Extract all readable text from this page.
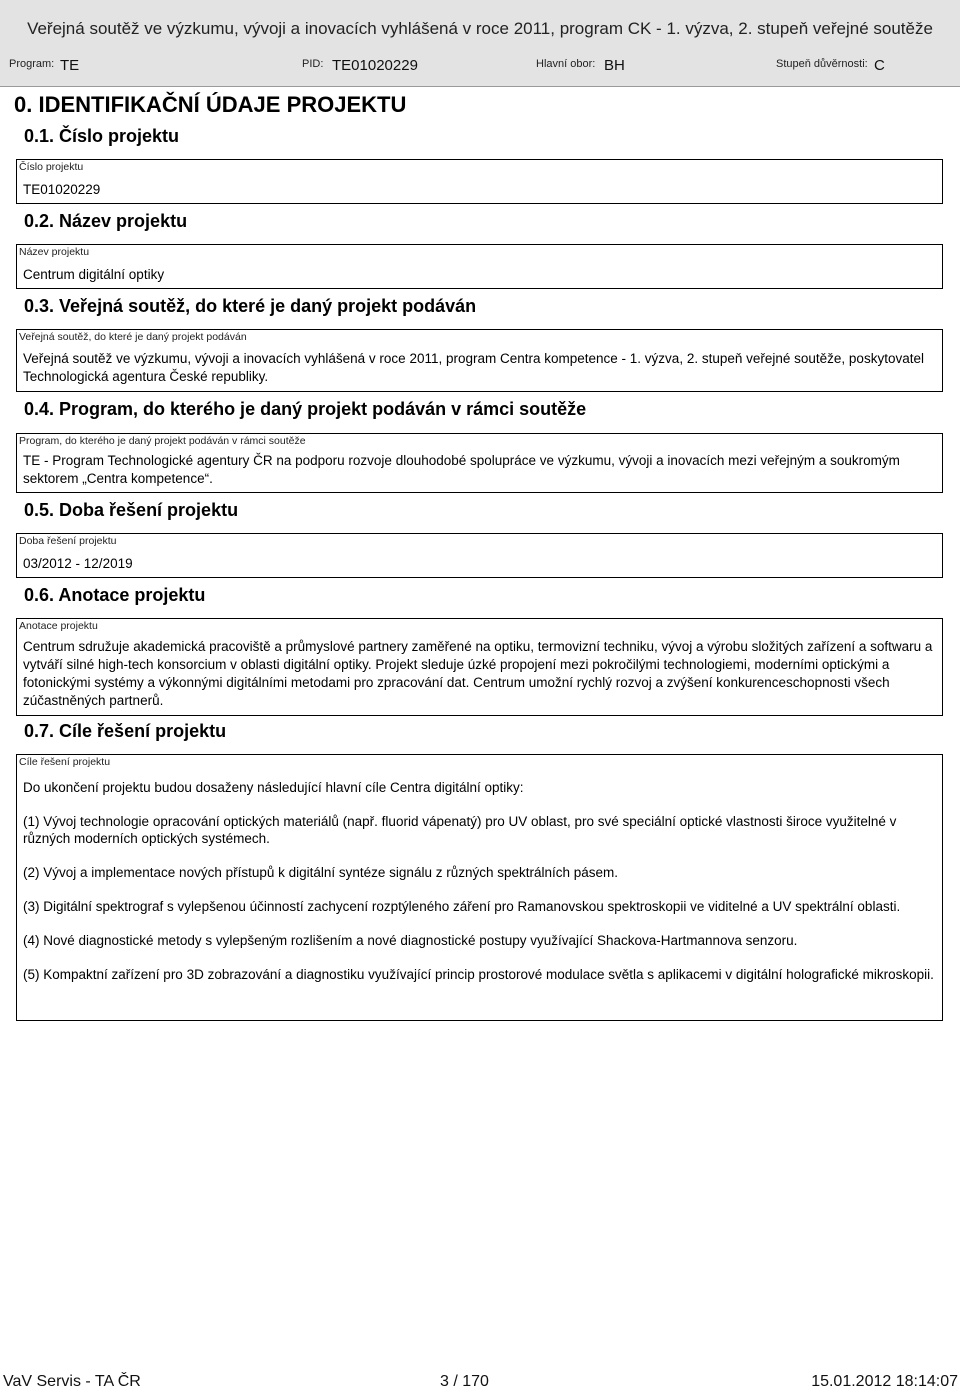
Veřejná soutěž ve výzkumu, vývoji a inovacích vyhlášená v roce 2011, program CK - 1. výzva, 2. stupeň veřejné soutěže
Program: TE	PID: TE01020229	Hlavní obor: BH	Stupeň důvěrnosti: C
0. IDENTIFIKAČNÍ ÚDAJE PROJEKTU
0.1. Číslo projektu
Číslo projektu
TE01020229
0.2. Název projektu
Název projektu
Centrum digitální optiky
0.3. Veřejná soutěž, do které je daný projekt podáván
Veřejná soutěž, do které je daný projekt podáván
Veřejná soutěž ve výzkumu, vývoji a inovacích vyhlášená v roce 2011, program Centra kompetence - 1. výzva, 2. stupeň veřejné soutěže, poskytovatel Technologická agentura České republiky.
0.4. Program, do kterého je daný projekt podáván v rámci soutěže
Program, do kterého je daný projekt podáván v rámci soutěže
TE - Program Technologické agentury ČR na podporu rozvoje dlouhodobé spolupráce ve výzkumu, vývoji a inovacích mezi veřejným a soukromým sektorem „Centra kompetence“.
0.5. Doba řešení projektu
Doba řešení projektu
03/2012 - 12/2019
0.6. Anotace projektu
Anotace projektu
Centrum sdružuje akademická pracoviště a průmyslové partnery zaměřené na optiku, termovizní techniku, vývoj a výrobu složitých zařízení a softwaru a vytváří silné high-tech konsorcium v oblasti digitální optiky. Projekt sleduje úzké propojení mezi pokročilými technologiemi, moderními optickými a fotonickými systémy a výkonnými digitálními metodami pro zpracování dat. Centrum umožní rychlý rozvoj a zvýšení konkurenceschopnosti všech zúčastněných partnerů.
0.7. Cíle řešení projektu
Cíle řešení projektu

Do ukončení projektu budou dosaženy následující hlavní cíle Centra digitální optiky:

(1) Vývoj technologie opracování optických materiálů (např. fluorid vápenatý) pro UV oblast, pro své speciální optické vlastnosti široce využitelné v různých moderních optických systémech.

(2) Vývoj a implementace nových přístupů k digitální syntéze signálu z různých spektrálních pásem.

(3) Digitální spektrograf s vylepšenou účinností zachycení rozptýleného záření pro Ramanovskou spektroskopii ve viditelné a UV spektrální oblasti.

(4) Nové diagnostické metody s vylepšeným rozlišením a nové diagnostické postupy využívající Shackova-Hartmannova senzoru.

(5) Kompaktní zařízení pro 3D zobrazování a diagnostiku využívající princip prostorové modulace světla s aplikacemi v digitální holografické mikroskopii.

VaV Servis - TA ČR	3 / 170	15.01.2012 18:14:07
